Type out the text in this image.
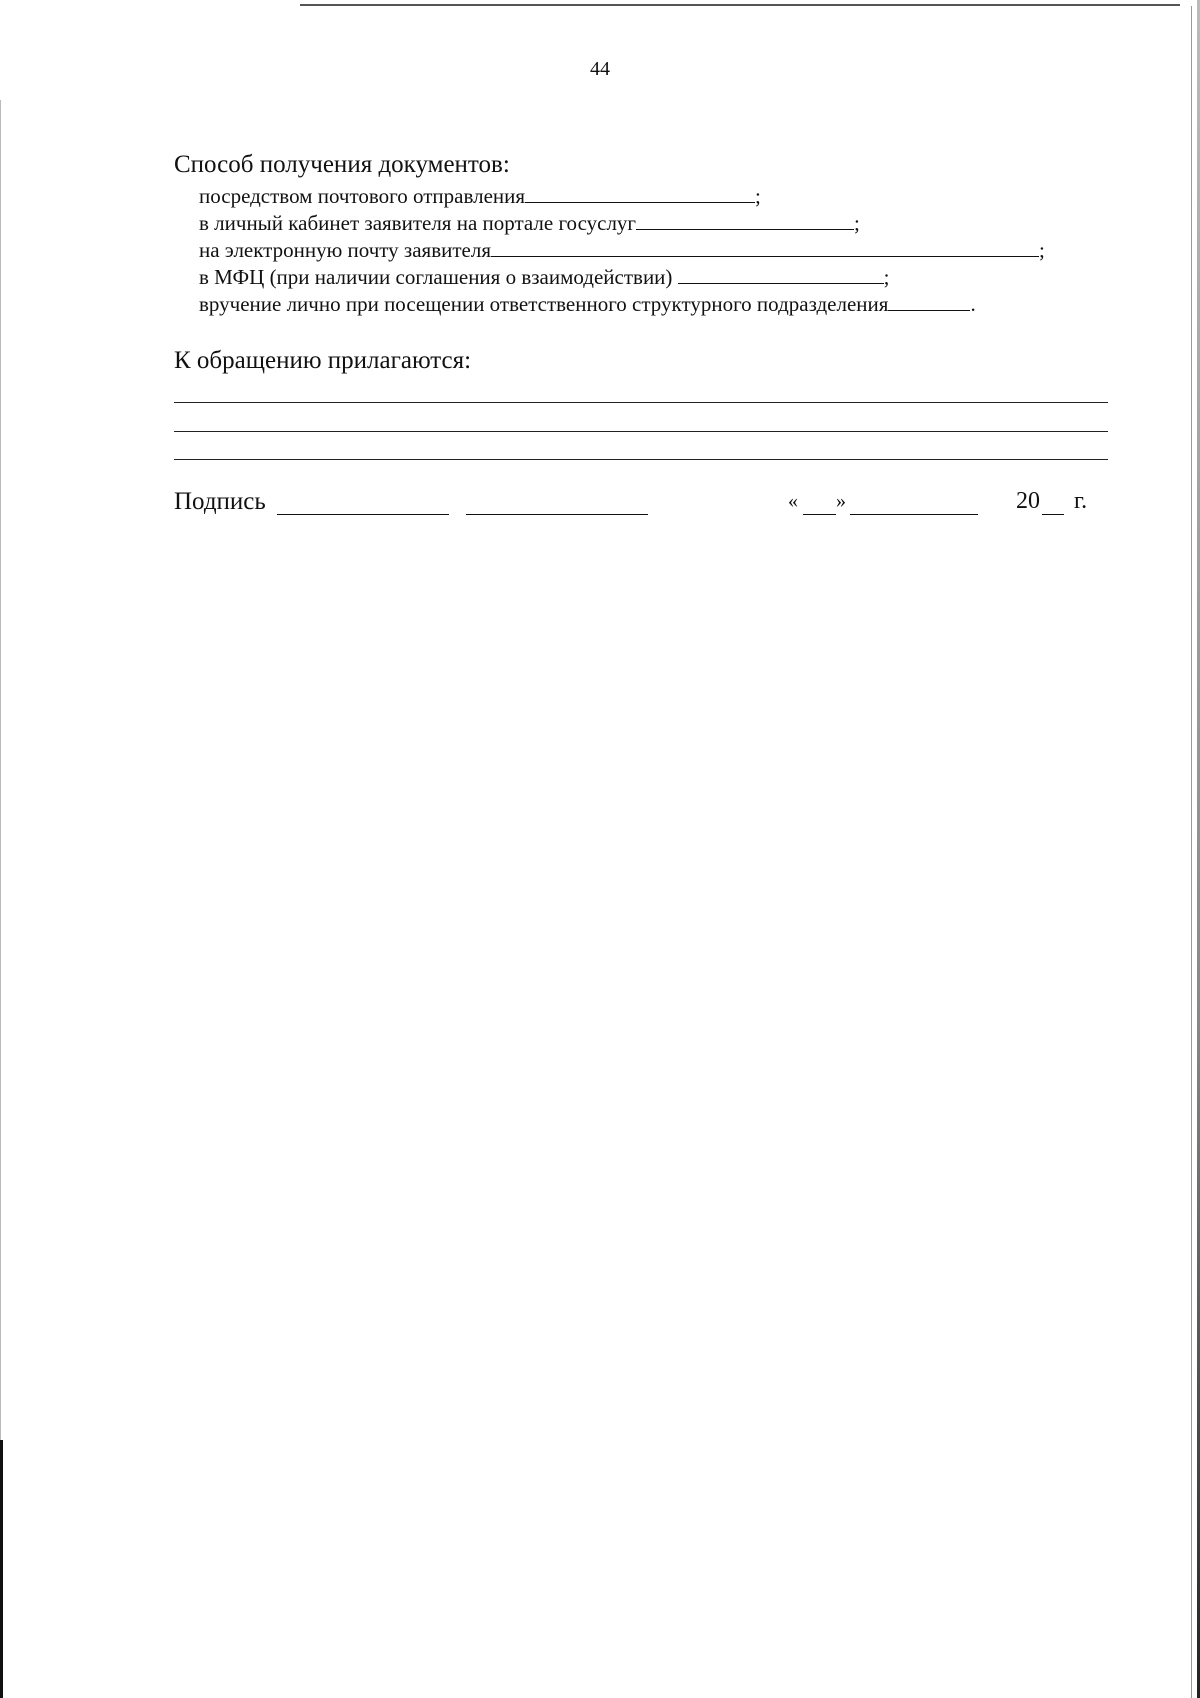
44
Способ получения документов:
посредством почтового отправления	;
в личный кабинет заявителя на портале госуслуг	;
на электронную почту заявителя	;
в МФЦ (при наличии соглашения о взаимодействии)	;
вручение лично при посещении ответственного структурного подразделения	.
К обращению прилагаются:
Подпись	« »	20 г.
